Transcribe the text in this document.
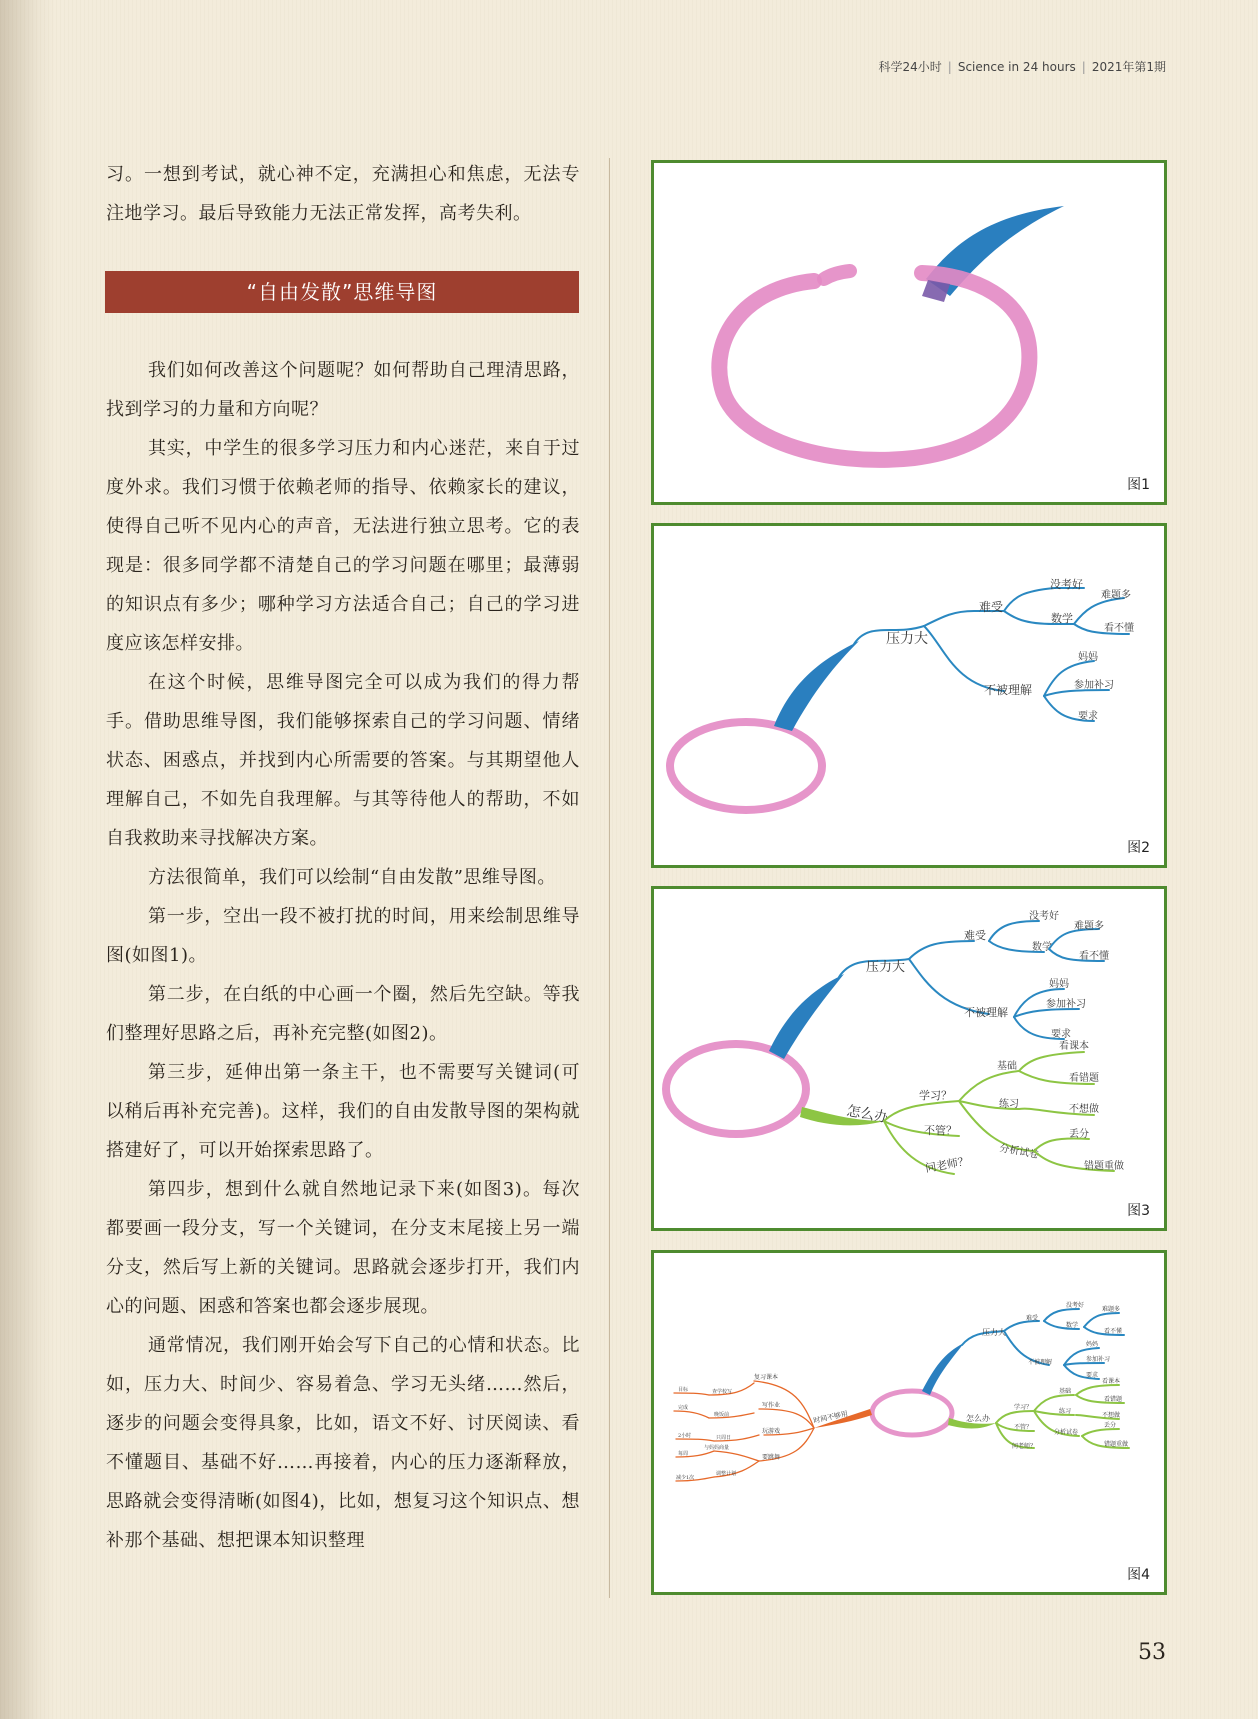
科学24小时 | Science in 24 hours | 2021年第1期

习。一想到考试，就心神不定，充满担心和焦虑，无法专注地学习。最后导致能力无法正常发挥，高考失利。

“自由发散”思维导图

我们如何改善这个问题呢？如何帮助自己理清思路，找到学习的力量和方向呢？

其实，中学生的很多学习压力和内心迷茫，来自于过度外求。我们习惯于依赖老师的指导、依赖家长的建议，使得自己听不见内心的声音，无法进行独立思考。它的表现是：很多同学都不清楚自己的学习问题在哪里；最薄弱的知识点有多少；哪种学习方法适合自己；自己的学习进度应该怎样安排。

在这个时候，思维导图完全可以成为我们的得力帮手。借助思维导图，我们能够探索自己的学习问题、情绪状态、困惑点，并找到内心所需要的答案。与其期望他人理解自己，不如先自我理解。与其等待他人的帮助，不如自我救助来寻找解决方案。

方法很简单，我们可以绘制“自由发散”思维导图。

第一步，空出一段不被打扰的时间，用来绘制思维导图(如图1)。

第二步，在白纸的中心画一个圈，然后先空缺。等我们整理好思路之后，再补充完整(如图2)。

第三步，延伸出第一条主干，也不需要写关键词(可以稍后再补充完善)。这样，我们的自由发散导图的架构就搭建好了，可以开始探索思路了。

第四步，想到什么就自然地记录下来(如图3)。每次都要画一段分支，写一个关键词，在分支末尾接上另一端分支，然后写上新的关键词。思路就会逐步打开，我们内心的问题、困惑和答案也都会逐步展现。

通常情况，我们刚开始会写下自己的心情和状态。比如，压力大、时间少、容易着急、学习无头绪……然后，逐步的问题会变得具象，比如，语文不好、讨厌阅读、看不懂题目、基础不好……再接着，内心的压力逐渐释放，思路就会变得清晰(如图4)，比如，想复习这个知识点、想补那个基础、想把课本知识整理

图1
压力大
难受
没考好
数学
难题多
看不懂
不被理解
妈妈
参加补习
要求
图2
压力大
难受
没考好
数学
难题多
看不懂
不被理解
妈妈
参加补习
要求
怎么办
学习？
不管？
问老师？
基础
练习
分析试卷
看课本
看错题
不想做
丢分
错题重做
图3
压力大
难受
没考好
数学
难题多
看不懂
不被理解
妈妈
参加补习
要求
怎么办
学习？
不管？
问老师？
基础
练习
分析试卷
看课本
看错题
不想做
丢分
错题重做
时间不够用
复习课本
写作业
玩游戏
要跳舞
查学校写
晚饭前
只周日
与妈妈商量
调整计划
目标
完成
2小时
每周
减少1次
图4
53
